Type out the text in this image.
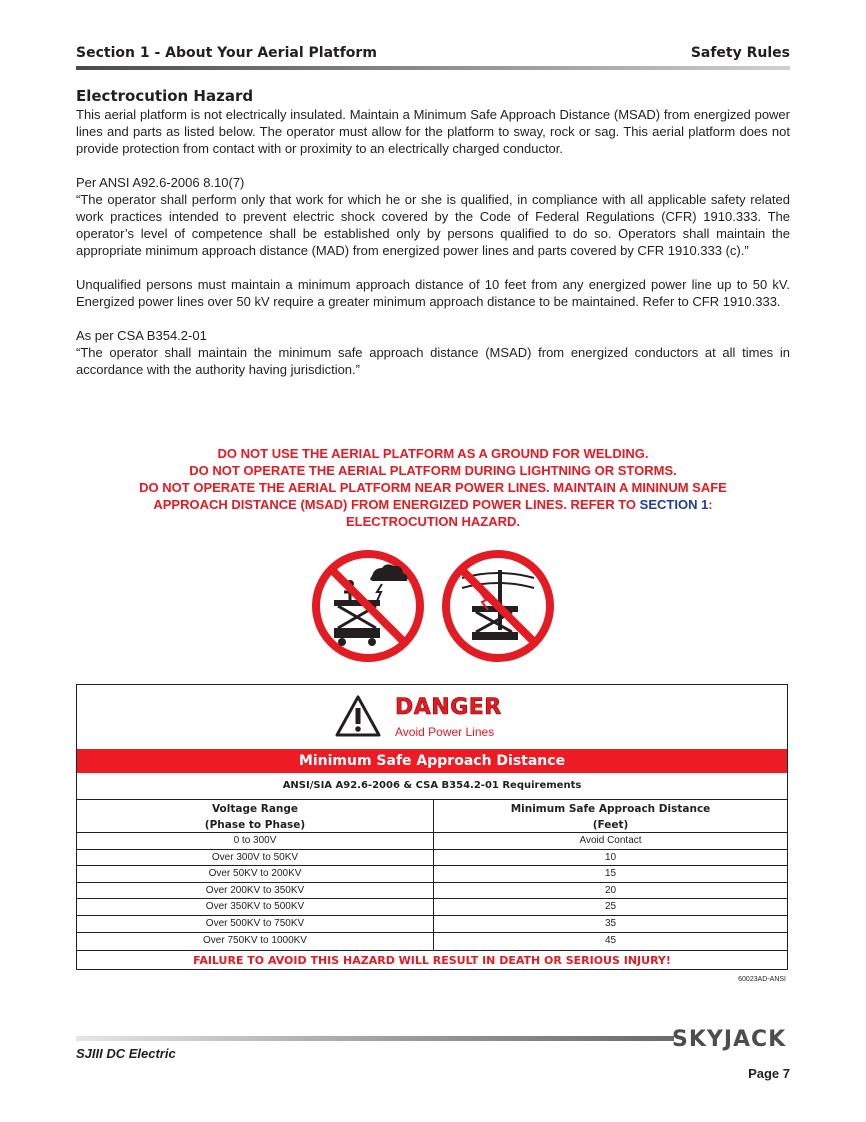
Section 1 - About Your Aerial Platform	Safety Rules
Electrocution Hazard

This aerial platform is not electrically insulated. Maintain a Minimum Safe Approach Distance (MSAD) from energized power lines and parts as listed below. The operator must allow for the platform to sway, rock or sag. This aerial platform does not provide protection from contact with or proximity to an electrically charged conductor.

Per ANSI A92.6-2006 8.10(7)

“The operator shall perform only that work for which he or she is qualified, in compliance with all applicable safety related work practices intended to prevent electric shock covered by the Code of Federal Regulations (CFR) 1910.333. The operator’s level of competence shall be established only by persons qualified to do so. Operators shall maintain the appropriate minimum approach distance (MAD) from energized power lines and parts covered by CFR 1910.333 (c).”

Unqualified persons must maintain a minimum approach distance of 10 feet from any energized power line up to 50 kV. Energized power lines over 50 kV require a greater minimum approach distance to be maintained. Refer to CFR 1910.333.

As per CSA B354.2-01

“The operator shall maintain the minimum safe approach distance (MSAD) from energized conductors at all times in accordance with the authority having jurisdiction.”

DO NOT USE THE AERIAL PLATFORM AS A GROUND FOR WELDING.
DO NOT OPERATE THE AERIAL PLATFORM DURING LIGHTNING OR STORMS.
DO NOT OPERATE THE AERIAL PLATFORM NEAR POWER LINES. MAINTAIN A MININUM SAFE
APPROACH DISTANCE (MSAD) FROM ENERGIZED POWER LINES. REFER TO SECTION 1:
ELECTROCUTION HAZARD.
DANGER
Avoid Power Lines
Minimum Safe Approach Distance
ANSI/SIA A92.6-2006 & CSA B354.2-01 Requirements
Voltage Range
(Phase to Phase)
0 to 300V
Over 300V to 50KV
Over 50KV to 200KV
Over 200KV to 350KV
Over 350KV to 500KV
Over 500KV to 750KV
Over 750KV to 1000KV
Minimum Safe Approach Distance
(Feet)
Avoid Contact
10
15
20
25
35
45
FAILURE TO AVOID THIS HAZARD WILL RESULT IN DEATH OR SERIOUS INJURY!
60023AD-ANSI
SJIII DC Electric
SKYJACK
Page 7
